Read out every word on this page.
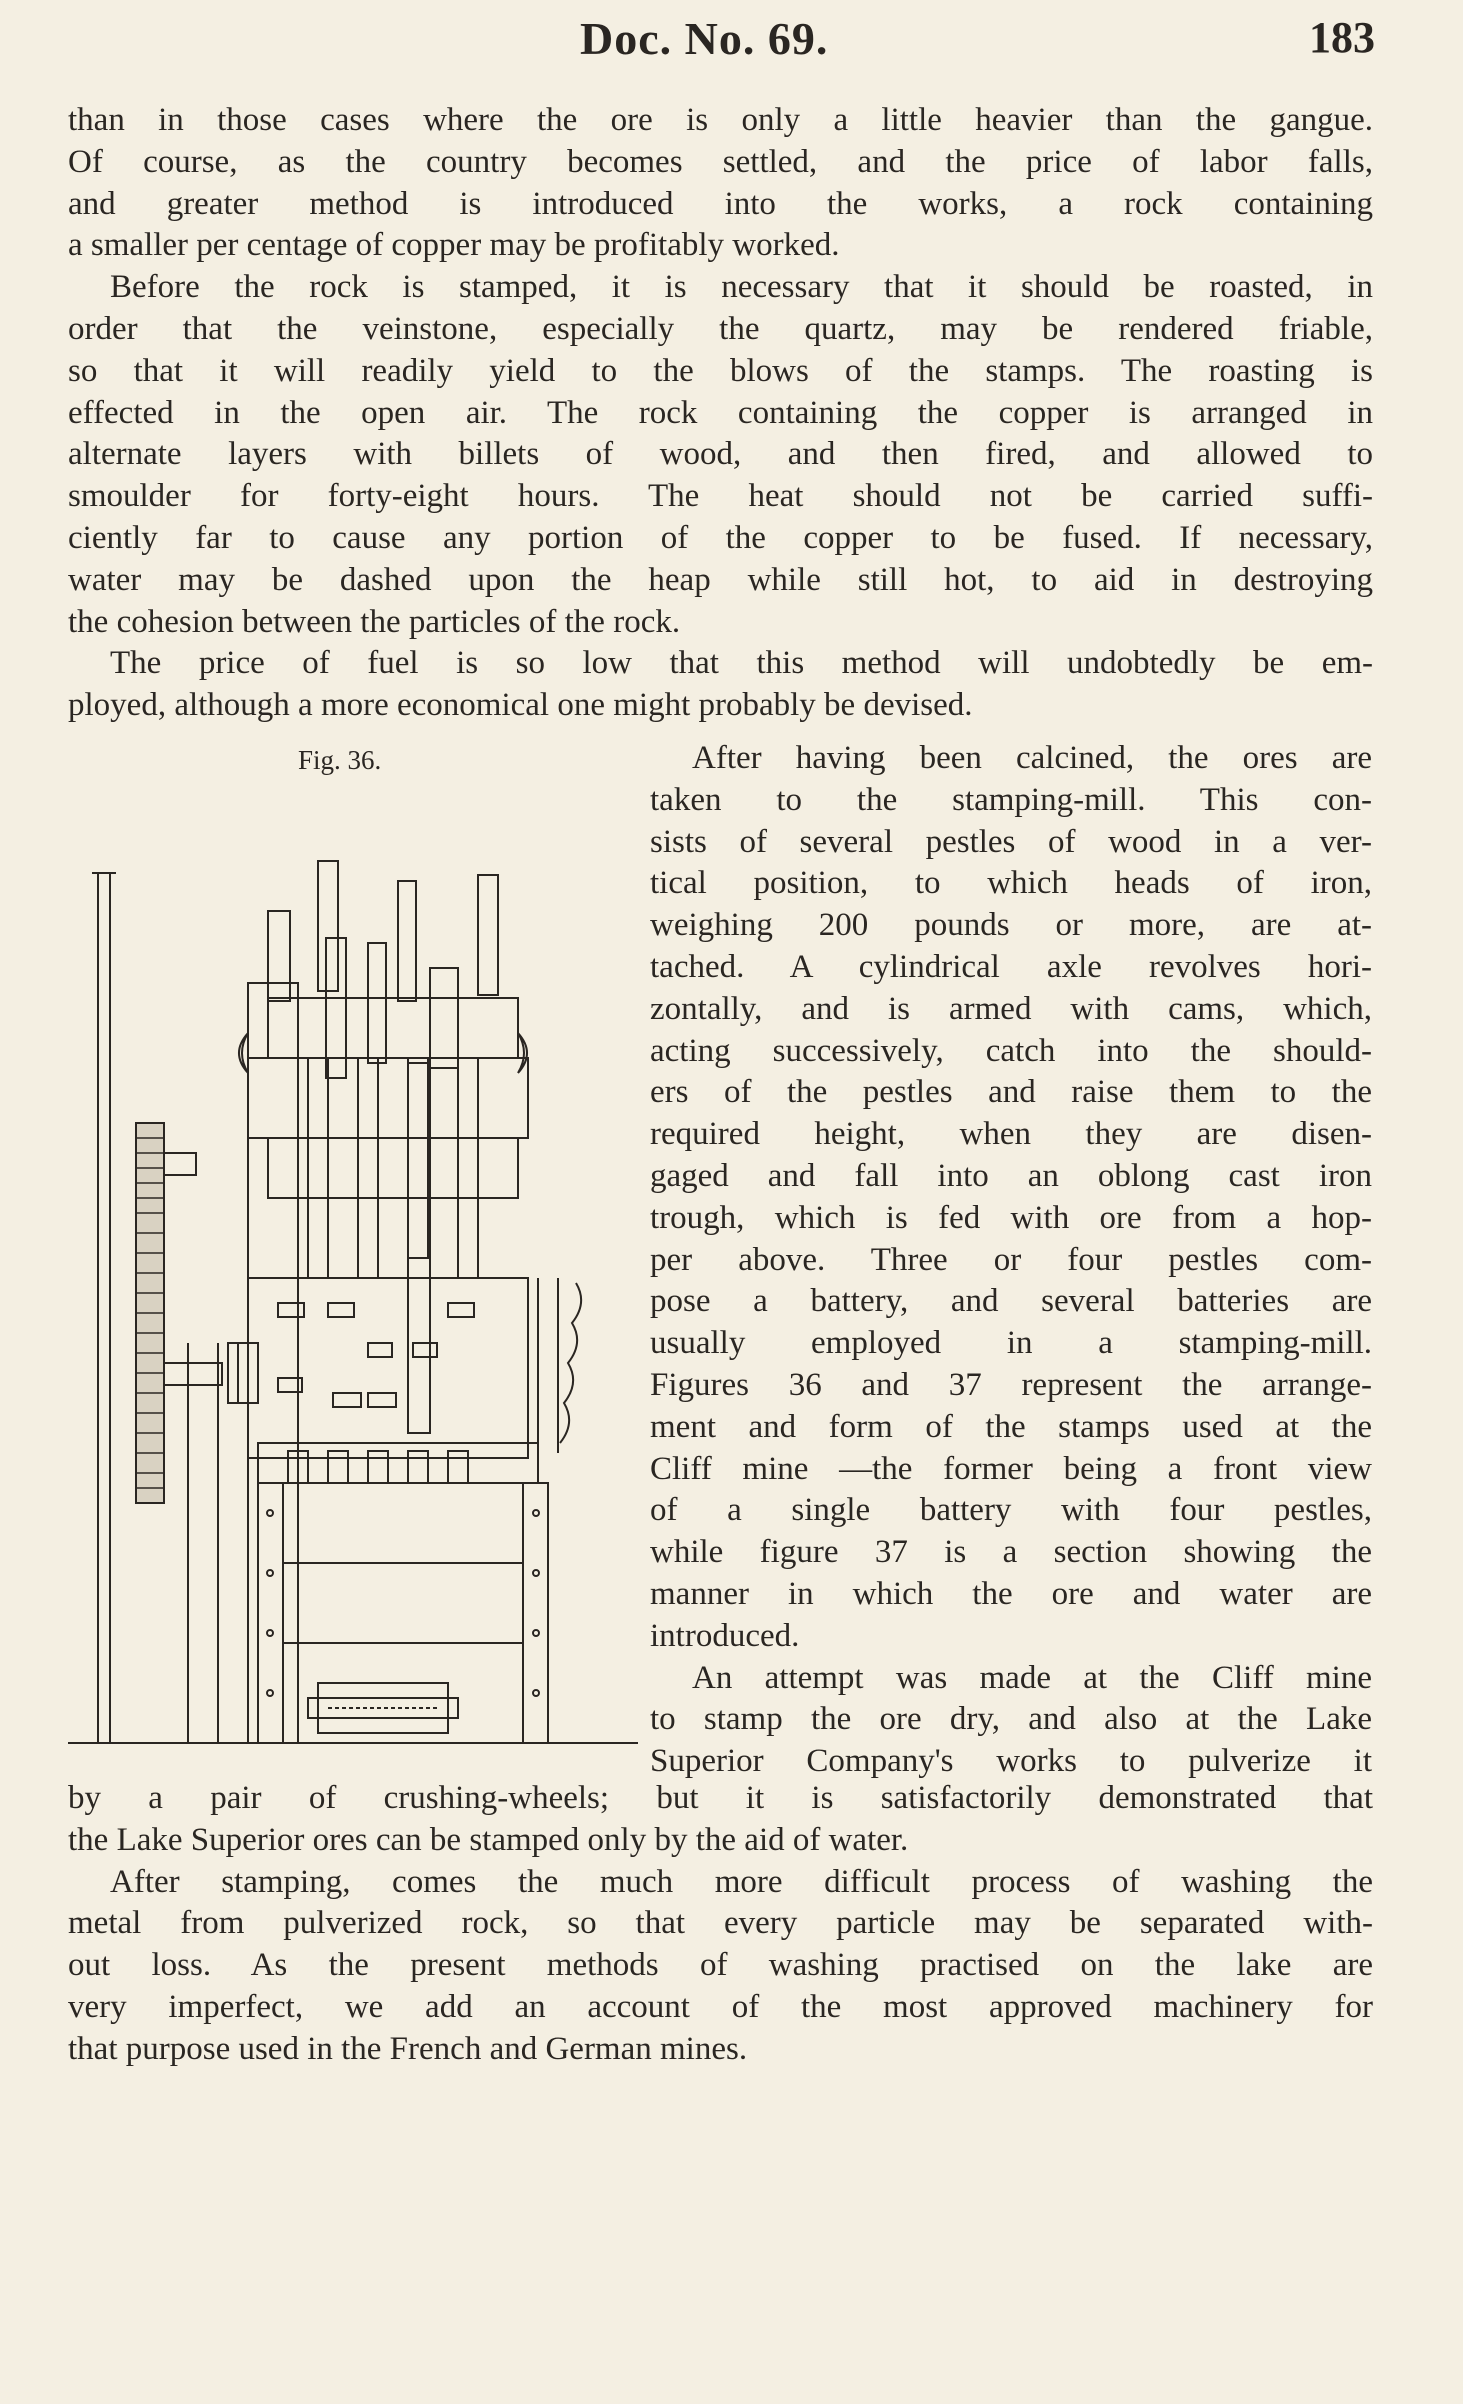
Doc. No. 69.	183
than in those cases where the ore is only a little heavier than the gangue.
Of course, as the country becomes settled, and the price of labor falls,
and greater method is introduced into the works, a rock containing
a smaller per centage of copper may be profitably worked.
Before the rock is stamped, it is necessary that it should be roasted, in
order that the veinstone, especially the quartz, may be rendered friable,
so that it will readily yield to the blows of the stamps. The roasting is
effected in the open air. The rock containing the copper is arranged in
alternate layers with billets of wood, and then fired, and allowed to
smoulder for forty-eight hours. The heat should not be carried suffi-
ciently far to cause any portion of the copper to be fused. If necessary,
water may be dashed upon the heap while still hot, to aid in destroying
the cohesion between the particles of the rock.
The price of fuel is so low that this method will undobtedly be em-
ployed, although a more economical one might probably be devised.
Fig. 36.	After having been calcined, the ores are
taken to the stamping-mill. This con-
sists of several pestles of wood in a ver-
tical position, to which heads of iron,
weighing 200 pounds or more, are at-
tached. A cylindrical axle revolves hori-
zontally, and is armed with cams, which,
acting successively, catch into the should-
ers of the pestles and raise them to the
required height, when they are disen-
gaged and fall into an oblong cast iron
trough, which is fed with ore from a hop-
per above. Three or four pestles com-
pose a battery, and several batteries are
usually employed in a stamping-mill.
Figures 36 and 37 represent the arrange-
ment and form of the stamps used at the
Cliff mine —the former being a front view
of a single battery with four pestles,
while figure 37 is a section showing the
manner in which the ore and water are
introduced.
An attempt was made at the Cliff mine
to stamp the ore dry, and also at the Lake
Superior Company's works to pulverize it
by a pair of crushing-wheels; but it is satisfactorily demonstrated that
the Lake Superior ores can be stamped only by the aid of water.
After stamping, comes the much more difficult process of washing the
metal from pulverized rock, so that every particle may be separated with-
out loss. As the present methods of washing practised on the lake are
very imperfect, we add an account of the most approved machinery for
that purpose used in the French and German mines.
